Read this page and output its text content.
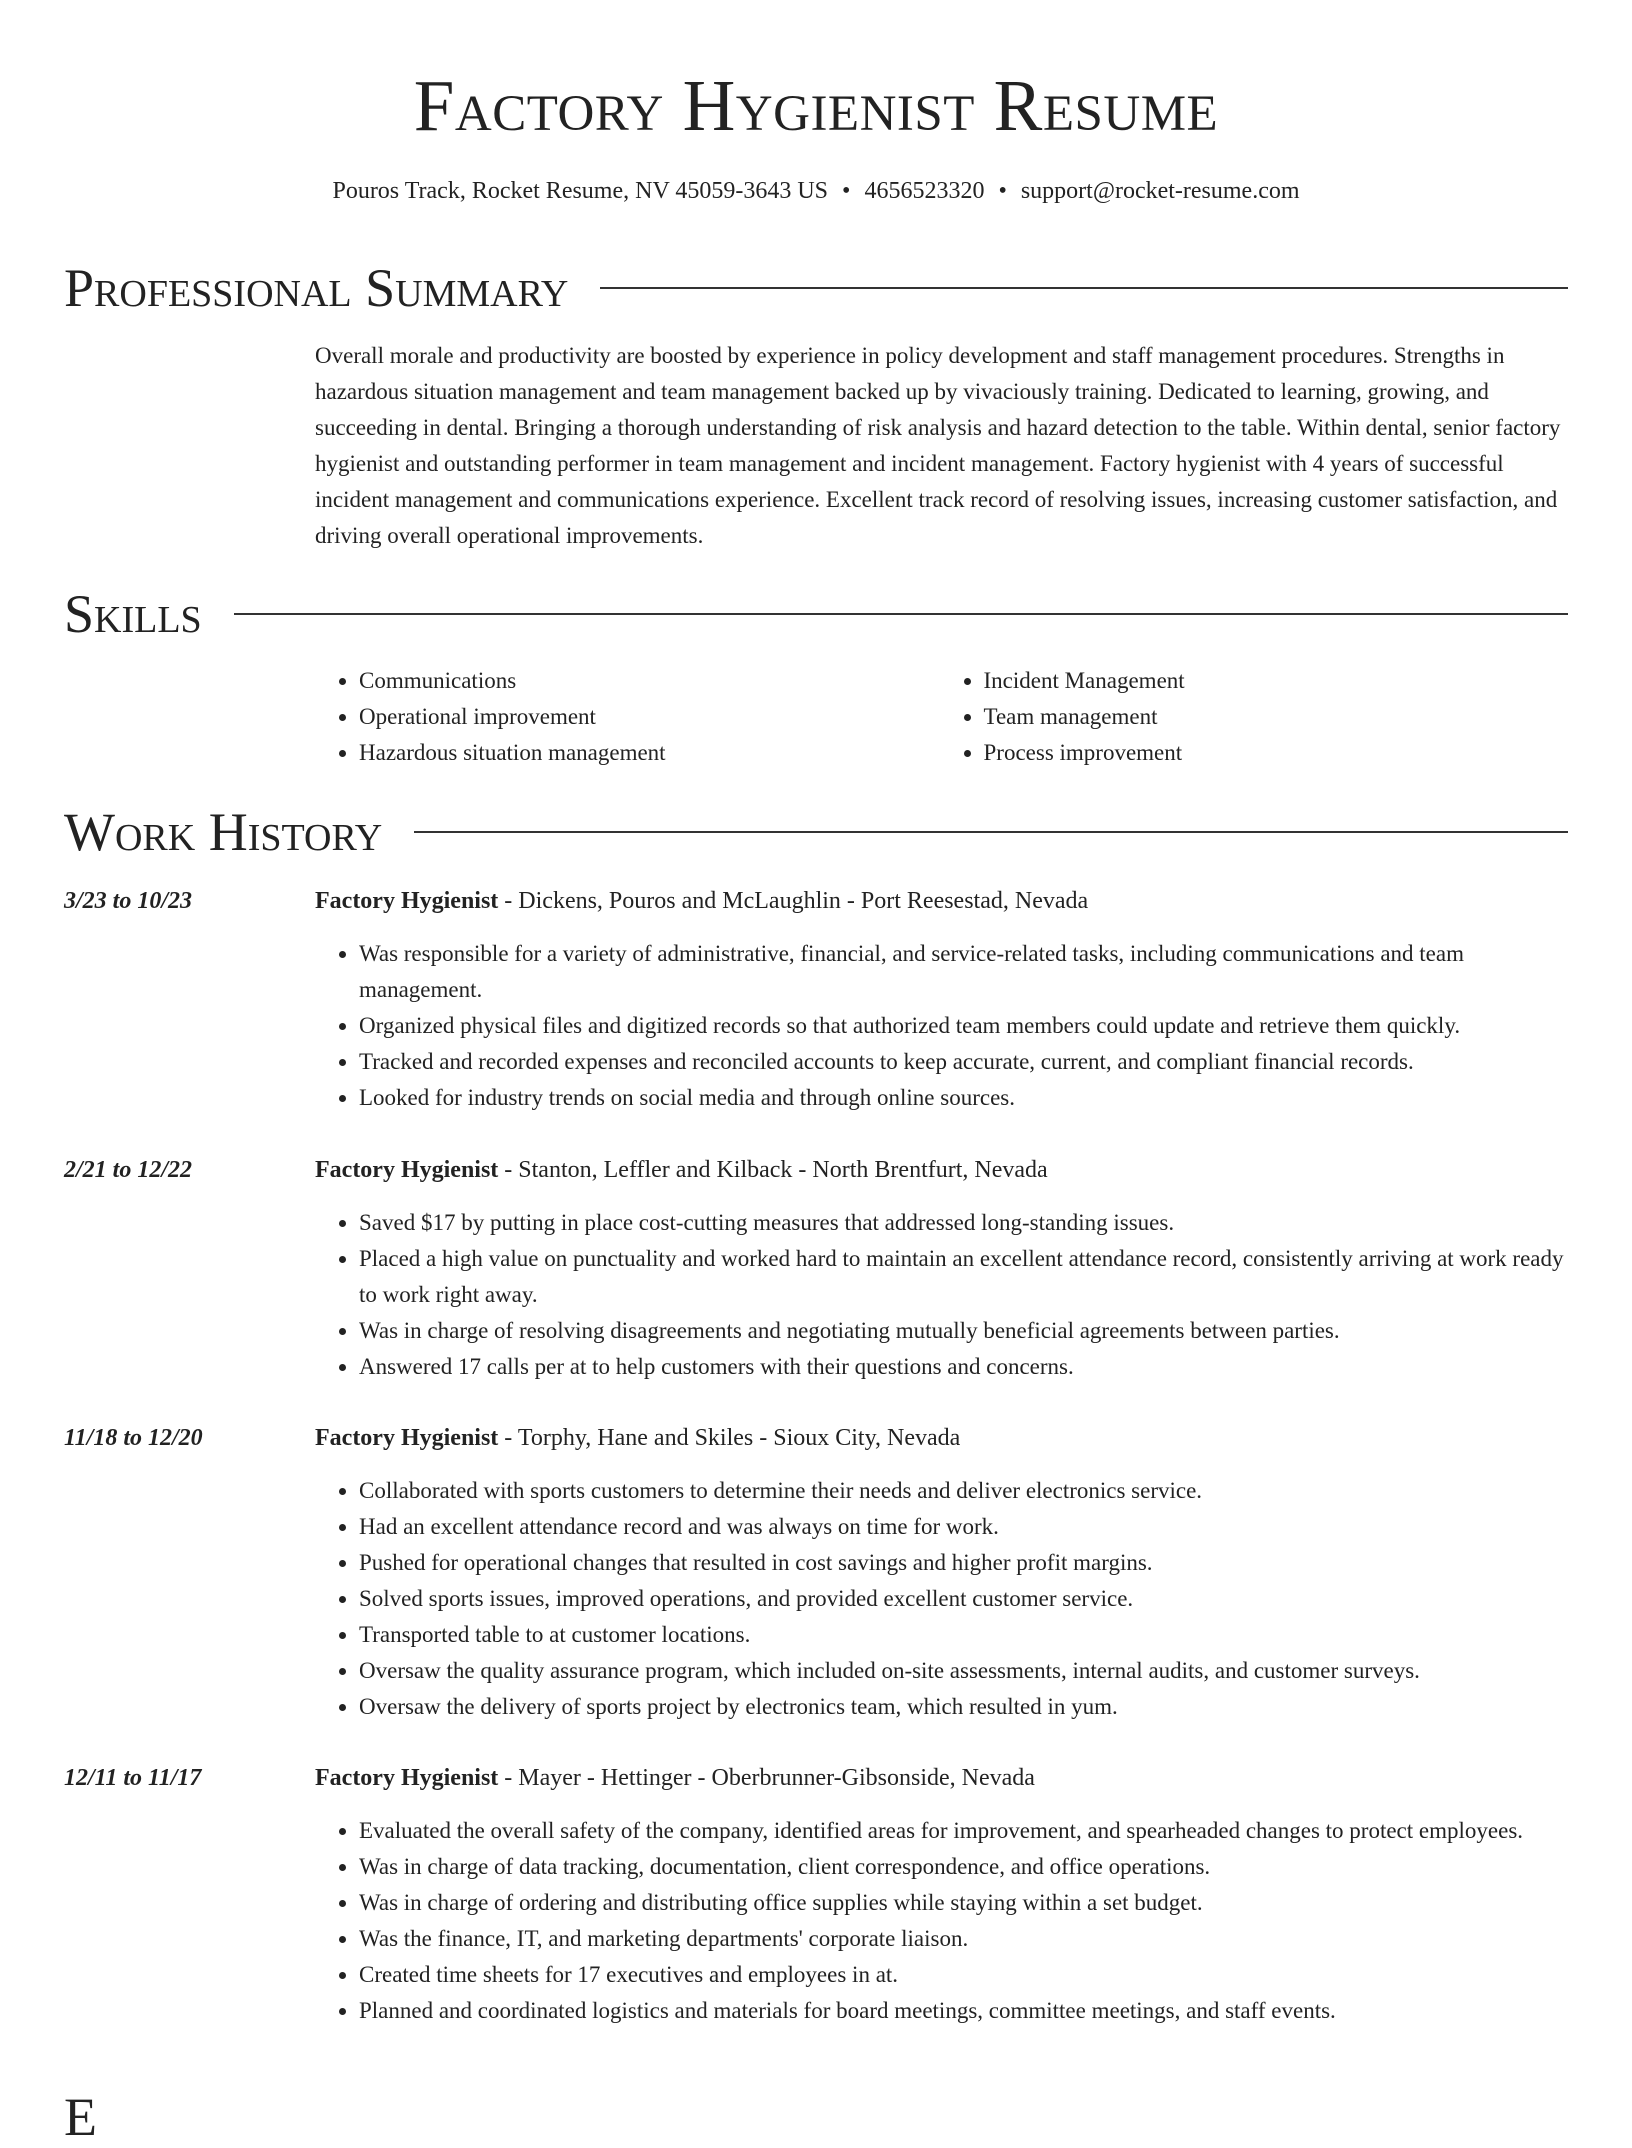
Factory Hygienist Resume
Pouros Track, Rocket Resume, NV 45059-3643 US • 4656523320 • support@rocket-resume.com
Professional Summary

Overall morale and productivity are boosted by experience in policy development and staff management procedures. Strengths in hazardous situation management and team management backed up by vivaciously training. Dedicated to learning, growing, and succeeding in dental. Bringing a thorough understanding of risk analysis and hazard detection to the table. Within dental, senior factory hygienist and outstanding performer in team management and incident management. Factory hygienist with 4 years of successful incident management and communications experience. Excellent track record of resolving issues, increasing customer satisfaction, and driving overall operational improvements.

Skills
• Communications
• Operational improvement
• Hazardous situation management
• Incident Management
• Team management
• Process improvement
Work History
3/23 to 10/23	Factory Hygienist - Dickens, Pouros and McLaughlin - Port Reesestad, Nevada
• Was responsible for a variety of administrative, financial, and service-related tasks, including communications and team management.
• Organized physical files and digitized records so that authorized team members could update and retrieve them quickly.
• Tracked and recorded expenses and reconciled accounts to keep accurate, current, and compliant financial records.
• Looked for industry trends on social media and through online sources.
2/21 to 12/22	Factory Hygienist - Stanton, Leffler and Kilback - North Brentfurt, Nevada
• Saved $17 by putting in place cost-cutting measures that addressed long-standing issues.
• Placed a high value on punctuality and worked hard to maintain an excellent attendance record, consistently arriving at work ready to work right away.
• Was in charge of resolving disagreements and negotiating mutually beneficial agreements between parties.
• Answered 17 calls per at to help customers with their questions and concerns.
11/18 to 12/20	Factory Hygienist - Torphy, Hane and Skiles - Sioux City, Nevada
• Collaborated with sports customers to determine their needs and deliver electronics service.
• Had an excellent attendance record and was always on time for work.
• Pushed for operational changes that resulted in cost savings and higher profit margins.
• Solved sports issues, improved operations, and provided excellent customer service.
• Transported table to at customer locations.
• Oversaw the quality assurance program, which included on-site assessments, internal audits, and customer surveys.
• Oversaw the delivery of sports project by electronics team, which resulted in yum.
12/11 to 11/17	Factory Hygienist - Mayer - Hettinger - Oberbrunner-Gibsonside, Nevada
• Evaluated the overall safety of the company, identified areas for improvement, and spearheaded changes to protect employees.
• Was in charge of data tracking, documentation, client correspondence, and office operations.
• Was in charge of ordering and distributing office supplies while staying within a set budget.
• Was the finance, IT, and marketing departments' corporate liaison.
• Created time sheets for 17 executives and employees in at.
• Planned and coordinated logistics and materials for board meetings, committee meetings, and staff events.
E
